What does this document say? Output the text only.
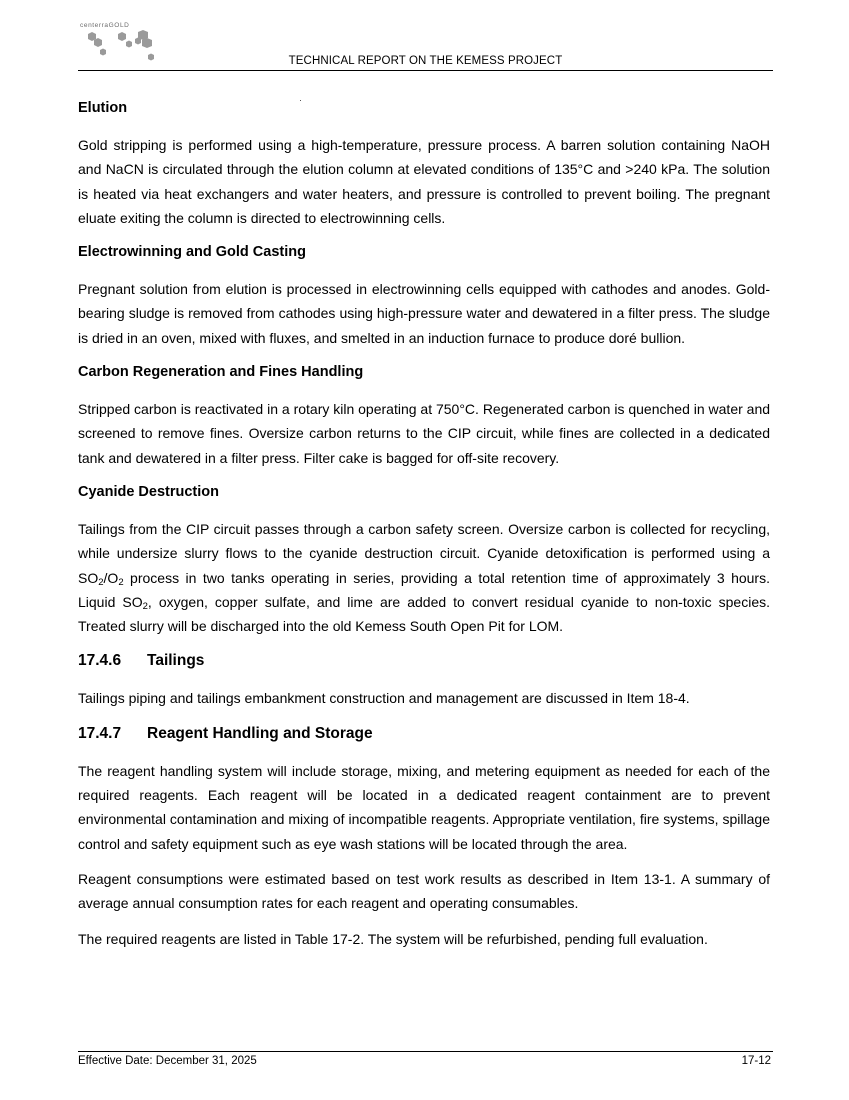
centerraGOLD
TECHNICAL REPORT ON THE KEMESS PROJECT
Elution

Gold stripping is performed using a high-temperature, pressure process. A barren solution containing NaOH and NaCN is circulated through the elution column at elevated conditions of 135°C and >240 kPa. The solution is heated via heat exchangers and water heaters, and pressure is controlled to prevent boiling. The pregnant eluate exiting the column is directed to electrowinning cells.

Electrowinning and Gold Casting

Pregnant solution from elution is processed in electrowinning cells equipped with cathodes and anodes. Gold-bearing sludge is removed from cathodes using high-pressure water and dewatered in a filter press. The sludge is dried in an oven, mixed with fluxes, and smelted in an induction furnace to produce doré bullion.

Carbon Regeneration and Fines Handling

Stripped carbon is reactivated in a rotary kiln operating at 750°C. Regenerated carbon is quenched in water and screened to remove fines. Oversize carbon returns to the CIP circuit, while fines are collected in a dedicated tank and dewatered in a filter press. Filter cake is bagged for off-site recovery.

Cyanide Destruction

Tailings from the CIP circuit passes through a carbon safety screen. Oversize carbon is collected for recycling, while undersize slurry flows to the cyanide destruction circuit. Cyanide detoxification is performed using a $SO_2/O_2$ process in two tanks operating in series, providing a total retention time of approximately 3 hours. Liquid $SO_2$, oxygen, copper sulfate, and lime are added to convert residual cyanide to non-toxic species. Treated slurry will be discharged into the old Kemess South Open Pit for LOM.

17.4.6 Tailings

Tailings piping and tailings embankment construction and management are discussed in Item 18-4.

17.4.7 Reagent Handling and Storage

The reagent handling system will include storage, mixing, and metering equipment as needed for each of the required reagents. Each reagent will be located in a dedicated reagent containment are to prevent environmental contamination and mixing of incompatible reagents. Appropriate ventilation, fire systems, spillage control and safety equipment such as eye wash stations will be located through the area.

Reagent consumptions were estimated based on test work results as described in Item 13-1. A summary of average annual consumption rates for each reagent and operating consumables.

The required reagents are listed in Table 17-2. The system will be refurbished, pending full evaluation.

Effective Date: December 31, 2025	17-12
